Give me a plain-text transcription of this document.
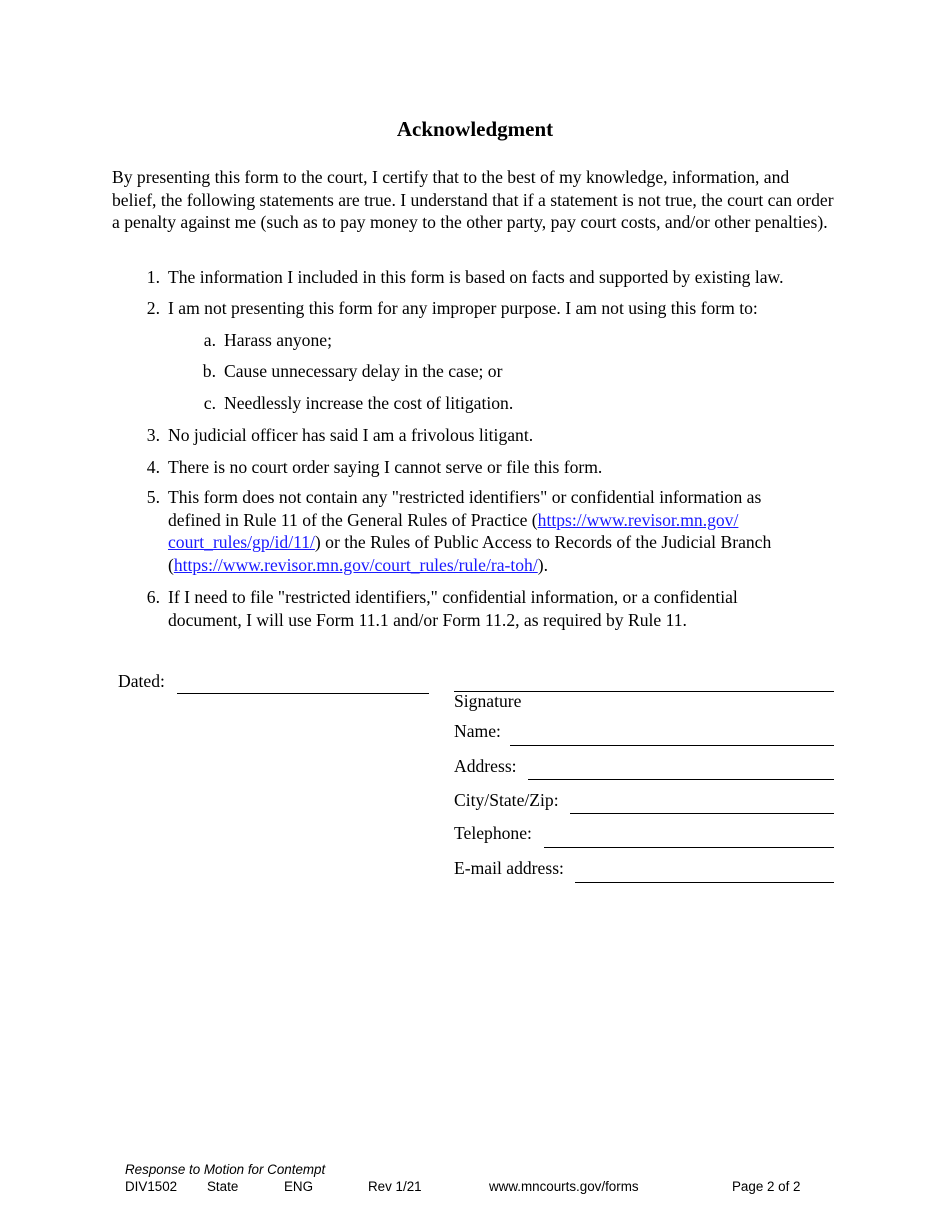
Acknowledgment
By presenting this form to the court, I certify that to the best of my knowledge, information, and belief, the following statements are true. I understand that if a statement is not true, the court can order a penalty against me (such as to pay money to the other party, pay court costs, and/or other penalties).
1. The information I included in this form is based on facts and supported by existing law.
2. I am not presenting this form for any improper purpose. I am not using this form to:
a. Harass anyone;
b. Cause unnecessary delay in the case; or
c. Needlessly increase the cost of litigation.
3. No judicial officer has said I am a frivolous litigant.
4. There is no court order saying I cannot serve or file this form.
5. This form does not contain any "restricted identifiers" or confidential information as
defined in Rule 11 of the General Rules of Practice (https://www.revisor.mn.gov/
court_rules/gp/id/11/) or the Rules of Public Access to Records of the Judicial Branch
(https://www.revisor.mn.gov/court_rules/rule/ra-toh/).
6. If I need to file "restricted identifiers," confidential information, or a confidential
document, I will use Form 11.1 and/or Form 11.2, as required by Rule 11.
Dated:
Signature
Name:
Address:
City/State/Zip:
Telephone:
E-mail address:
Response to Motion for Contempt
DIV1502 State	ENG	Rev 1/21	www.mncourts.gov/forms	Page 2 of 2
